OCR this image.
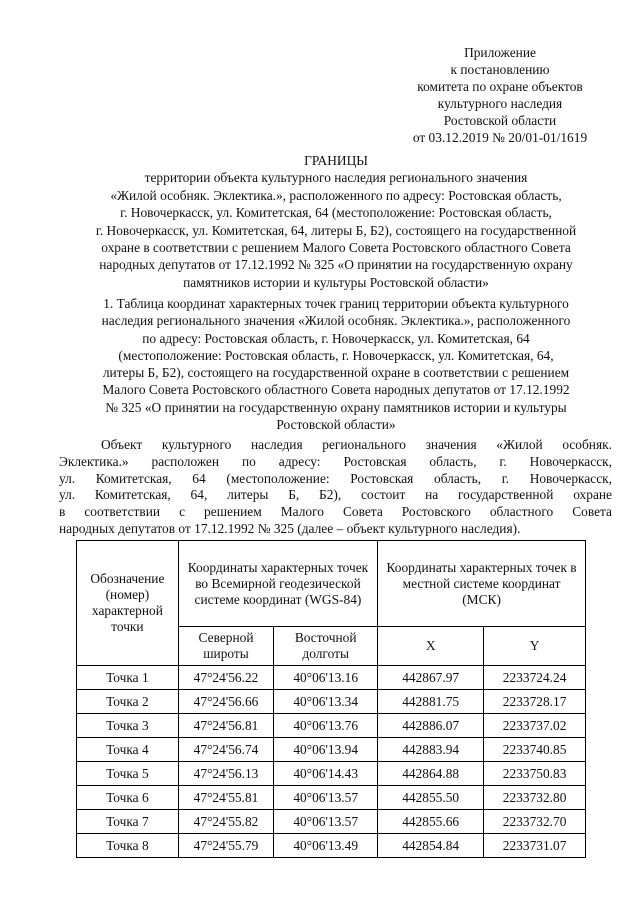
Приложение
к постановлению
комитета по охране объектов
культурного наследия
Ростовской области
от 03.12.2019 № 20/01-01/1619
ГРАНИЦЫ
территории объекта культурного наследия регионального значения
«Жилой особняк. Эклектика.», расположенного по адресу: Ростовская область,
г. Новочеркасск, ул. Комитетская, 64 (местоположение: Ростовская область,
г. Новочеркасск, ул. Комитетская, 64, литеры Б, Б2), состоящего на государственной
охране в соответствии с решением Малого Совета Ростовского областного Совета
народных депутатов от 17.12.1992 № 325 «О принятии на государственную охрану
памятников истории и культуры Ростовской области»
1. Таблица координат характерных точек границ территории объекта культурного
наследия регионального значения «Жилой особняк. Эклектика.», расположенного
по адресу: Ростовская область, г. Новочеркасск, ул. Комитетская, 64
(местоположение: Ростовская область, г. Новочеркасск, ул. Комитетская, 64,
литеры Б, Б2), состоящего на государственной охране в соответствии с решением
Малого Совета Ростовского областного Совета народных депутатов от 17.12.1992
№ 325 «О принятии на государственную охрану памятников истории и культуры
Ростовской области»
Объект культурного наследия регионального значения «Жилой особняк.
Эклектика.» расположен по адресу: Ростовская область, г. Новочеркасск,
ул. Комитетская, 64 (местоположение: Ростовская область, г. Новочеркасск,
ул. Комитетская, 64, литеры Б, Б2), состоит на государственной охране
в соответствии с решением Малого Совета Ростовского областного Совета
народных депутатов от 17.12.1992 № 325 (далее – объект культурного наследия).
Обозначение (номер) характерной точки	Координаты характерных точек во Всемирной геодезической системе координат (WGS-84)		Координаты характерных точек в местной системе координат (МСК)	
	Северной широты	Восточной долготы	X	Y
Точка 1	47°24'56.22	40°06'13.16	442867.97	2233724.24
Точка 2	47°24'56.66	40°06'13.34	442881.75	2233728.17
Точка 3	47°24'56.81	40°06'13.76	442886.07	2233737.02
Точка 4	47°24'56.74	40°06'13.94	442883.94	2233740.85
Точка 5	47°24'56.13	40°06'14.43	442864.88	2233750.83
Точка 6	47°24'55.81	40°06'13.57	442855.50	2233732.80
Точка 7	47°24'55.82	40°06'13.57	442855.66	2233732.70
Точка 8	47°24'55.79	40°06'13.49	442854.84	2233731.07
